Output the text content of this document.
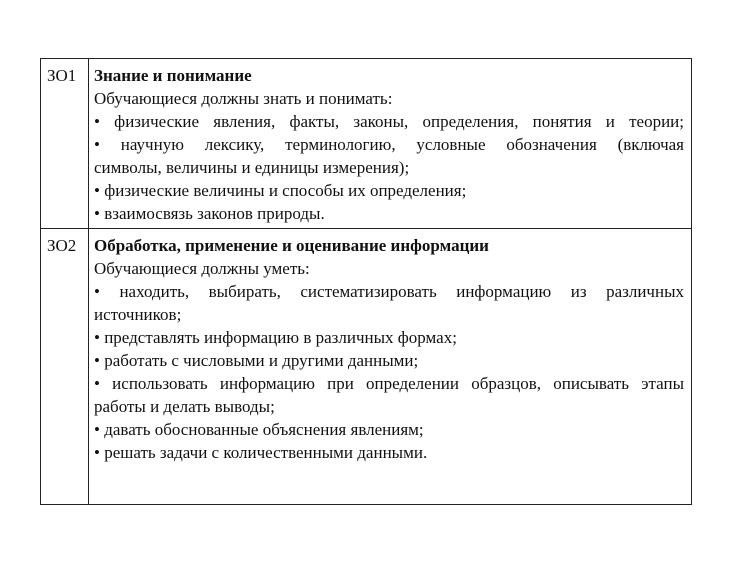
ЗО1	Знание и понимание
Обучающиеся должны знать и понимать:
• физические явления, факты, законы, определения, понятия и теории;
• научную лексику, терминологию, условные обозначения (включая
символы, величины и единицы измерения);
• физические величины и способы их определения;
• взаимосвязь законов природы.
ЗО2	Обработка, применение и оценивание информации
Обучающиеся должны уметь:
• находить, выбирать, систематизировать информацию из различных
источников;
• представлять информацию в различных формах;
• работать с числовыми и другими данными;
• использовать информацию при определении образцов, описывать этапы
работы и делать выводы;
• давать обоснованные объяснения явлениям;
• решать задачи с количественными данными.
